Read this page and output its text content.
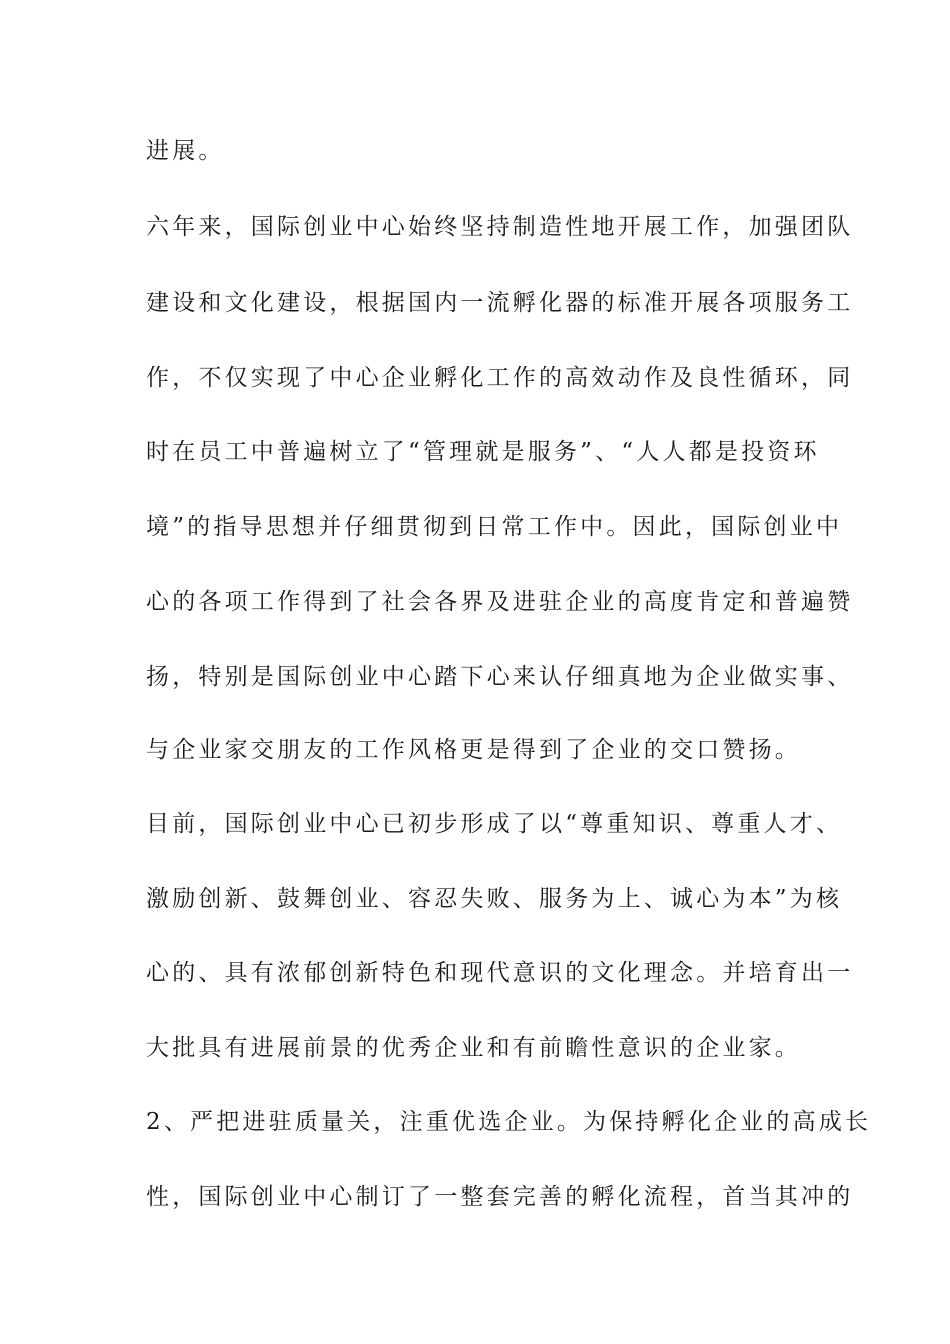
进展。

六年来，国际创业中心始终坚持制造性地开展工作，加强团队

建设和文化建设，根据国内一流孵化器的标准开展各项服务工

作，不仅实现了中心企业孵化工作的高效动作及良性循环，同

时在员工中普遍树立了“管理就是服务”、“人人都是投资环

境”的指导思想并仔细贯彻到日常工作中。因此，国际创业中

心的各项工作得到了社会各界及进驻企业的高度肯定和普遍赞

扬，特别是国际创业中心踏下心来认仔细真地为企业做实事、

与企业家交朋友的工作风格更是得到了企业的交口赞扬。

目前，国际创业中心已初步形成了以“尊重知识、尊重人才、

激励创新、鼓舞创业、容忍失败、服务为上、诚心为本”为核

心的、具有浓郁创新特色和现代意识的文化理念。并培育出一

大批具有进展前景的优秀企业和有前瞻性意识的企业家。

2、严把进驻质量关，注重优选企业。为保持孵化企业的高成长

性，国际创业中心制订了一整套完善的孵化流程，首当其冲的
